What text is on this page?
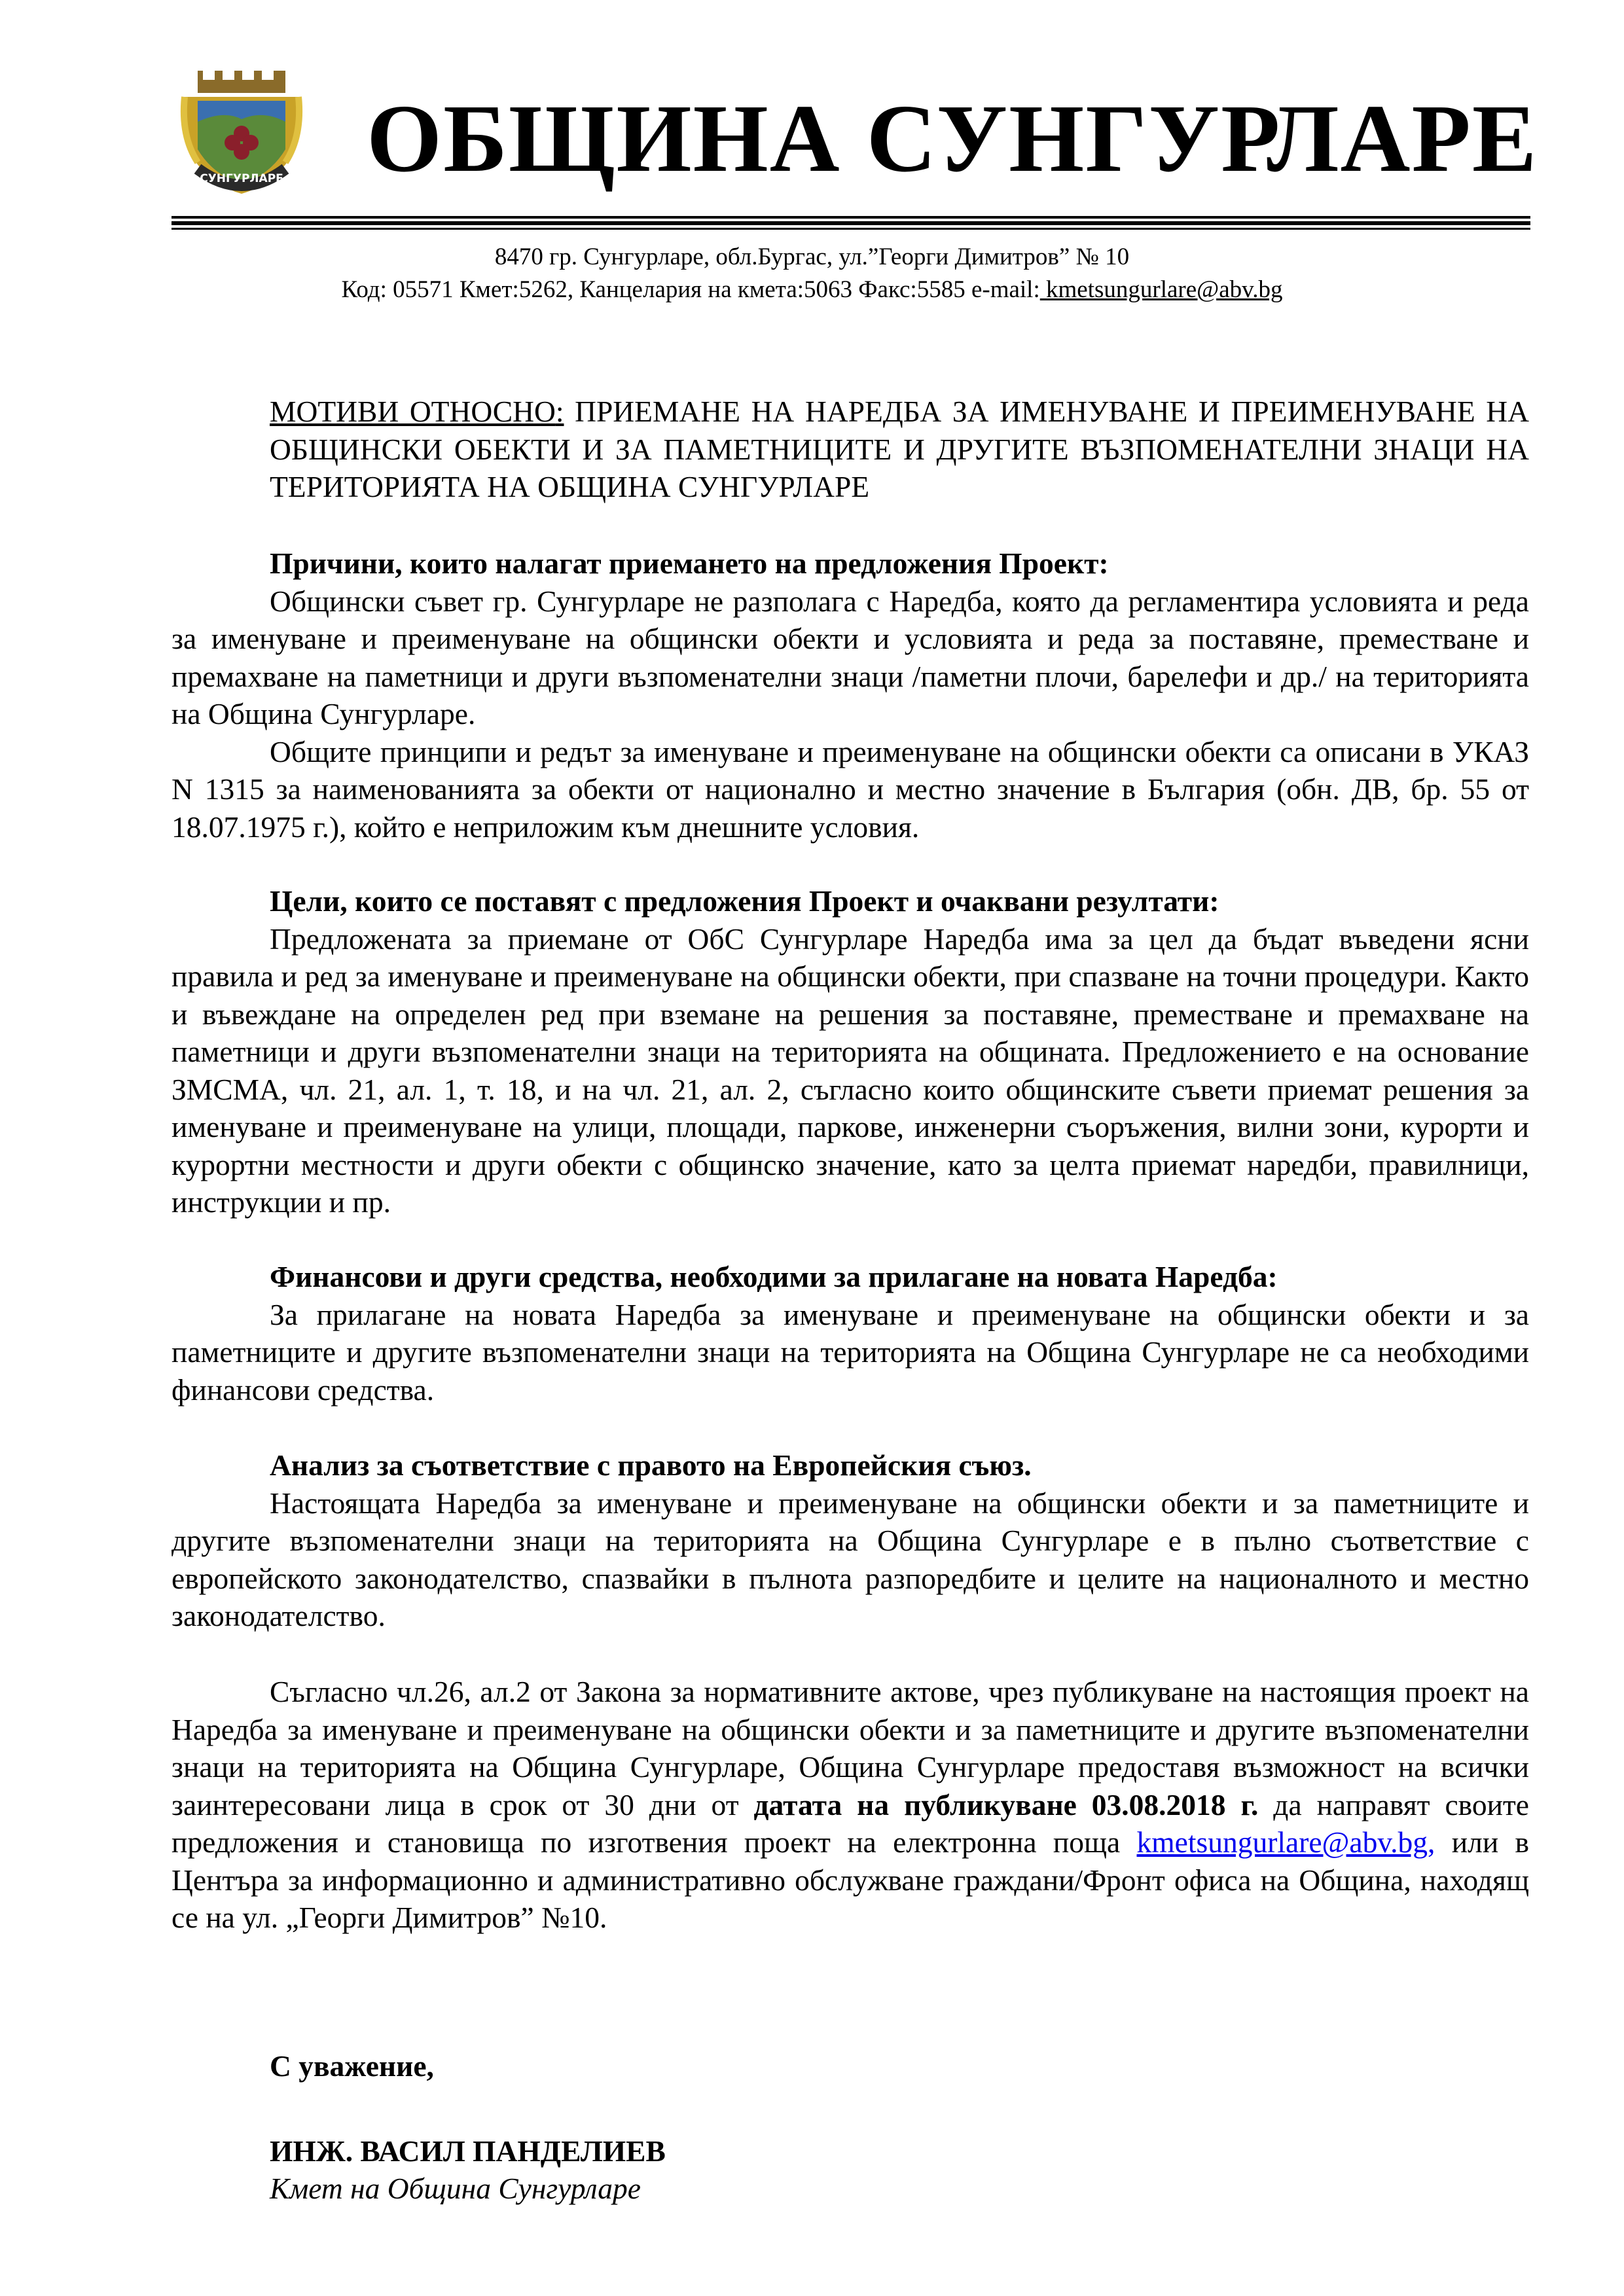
СУНГУРЛАРЕ ОБЩИНА СУНГУРЛАРЕ
8470 гр. Сунгурларе, обл.Бургас, ул.”Георги Димитров” № 10
Код: 05571 Кмет:5262, Канцелария на кмета:5063 Факс:5585 e-mail: kmetsungurlare@abv.bg

МОТИВИ ОТНОСНО: ПРИЕМАНЕ НА НАРЕДБА ЗА ИМЕНУВАНЕ И ПРЕИМЕНУВАНЕ НА ОБЩИНСКИ ОБЕКТИ И ЗА ПАМЕТНИЦИТЕ И ДРУГИТЕ ВЪЗПОМЕНАТЕЛНИ ЗНАЦИ НА ТЕРИТОРИЯТА НА ОБЩИНА СУНГУРЛАРЕ

Причини, които налагат приемането на предложения Проект:

Общински съвет гр. Сунгурларе не разполага с Наредба, която да регламентира условията и реда за именуване и преименуване на общински обекти и условията и реда за поставяне, преместване и премахване на паметници и други възпоменателни знаци /паметни плочи, барелефи и др./ на територията на Община Сунгурларе.

Общите принципи и редът за именуване и преименуване на общински обекти са описани в УКАЗ N 1315 за наименованията за обекти от национално и местно значение в България (обн. ДВ, бр. 55 от 18.07.1975 г.), който е неприложим към днешните условия.

Цели, които се поставят с предложения Проект и очаквани резултати:

Предложената за приемане от ОбС Сунгурларе Наредба има за цел да бъдат въведени ясни правила и ред за именуване и преименуване на общински обекти, при спазване на точни процедури. Както и въвеждане на определен ред при вземане на решения за поставяне, преместване и премахване на паметници и други възпоменателни знаци на територията на общината. Предложението е на основание ЗМСМА, чл. 21, ал. 1, т. 18, и на чл. 21, ал. 2, съгласно които общинските съвети приемат решения за именуване и преименуване на улици, площади, паркове, инженерни съоръжения, вилни зони, курорти и курортни местности и други обекти с общинско значение, като за целта приемат наредби, правилници, инструкции и пр.

Финансови и други средства, необходими за прилагане на новата Наредба:

За прилагане на новата Наредба за именуване и преименуване на общински обекти и за паметниците и другите възпоменателни знаци на територията на Община Сунгурларе не са необходими финансови средства.

Анализ за съответствие с правото на Европейския съюз.

Настоящата Наредба за именуване и преименуване на общински обекти и за паметниците и другите възпоменателни знаци на територията на Община Сунгурларе е в пълно съответствие с европейското законодателство, спазвайки в пълнота разпоредбите и целите на националното и местно законодателство.

Съгласно чл.26, ал.2 от Закона за нормативните актове, чрез публикуване на настоящия проект на Наредба за именуване и преименуване на общински обекти и за паметниците и другите възпоменателни знаци на територията на Община Сунгурларе, Община Сунгурларе предоставя възможност на всички заинтересовани лица в срок от 30 дни от датата на публикуване 03.08.2018 г. да направят своите предложения и становища по изготвения проект на електронна поща kmetsungurlare@abv.bg, или в Центъра за информационно и административно обслужване граждани/Фронт офиса на Община, находящ се на ул. „Георги Димитров” №10.

С уважение,
ИНЖ. ВАСИЛ ПАНДЕЛИЕВ
Кмет на Община Сунгурларе
